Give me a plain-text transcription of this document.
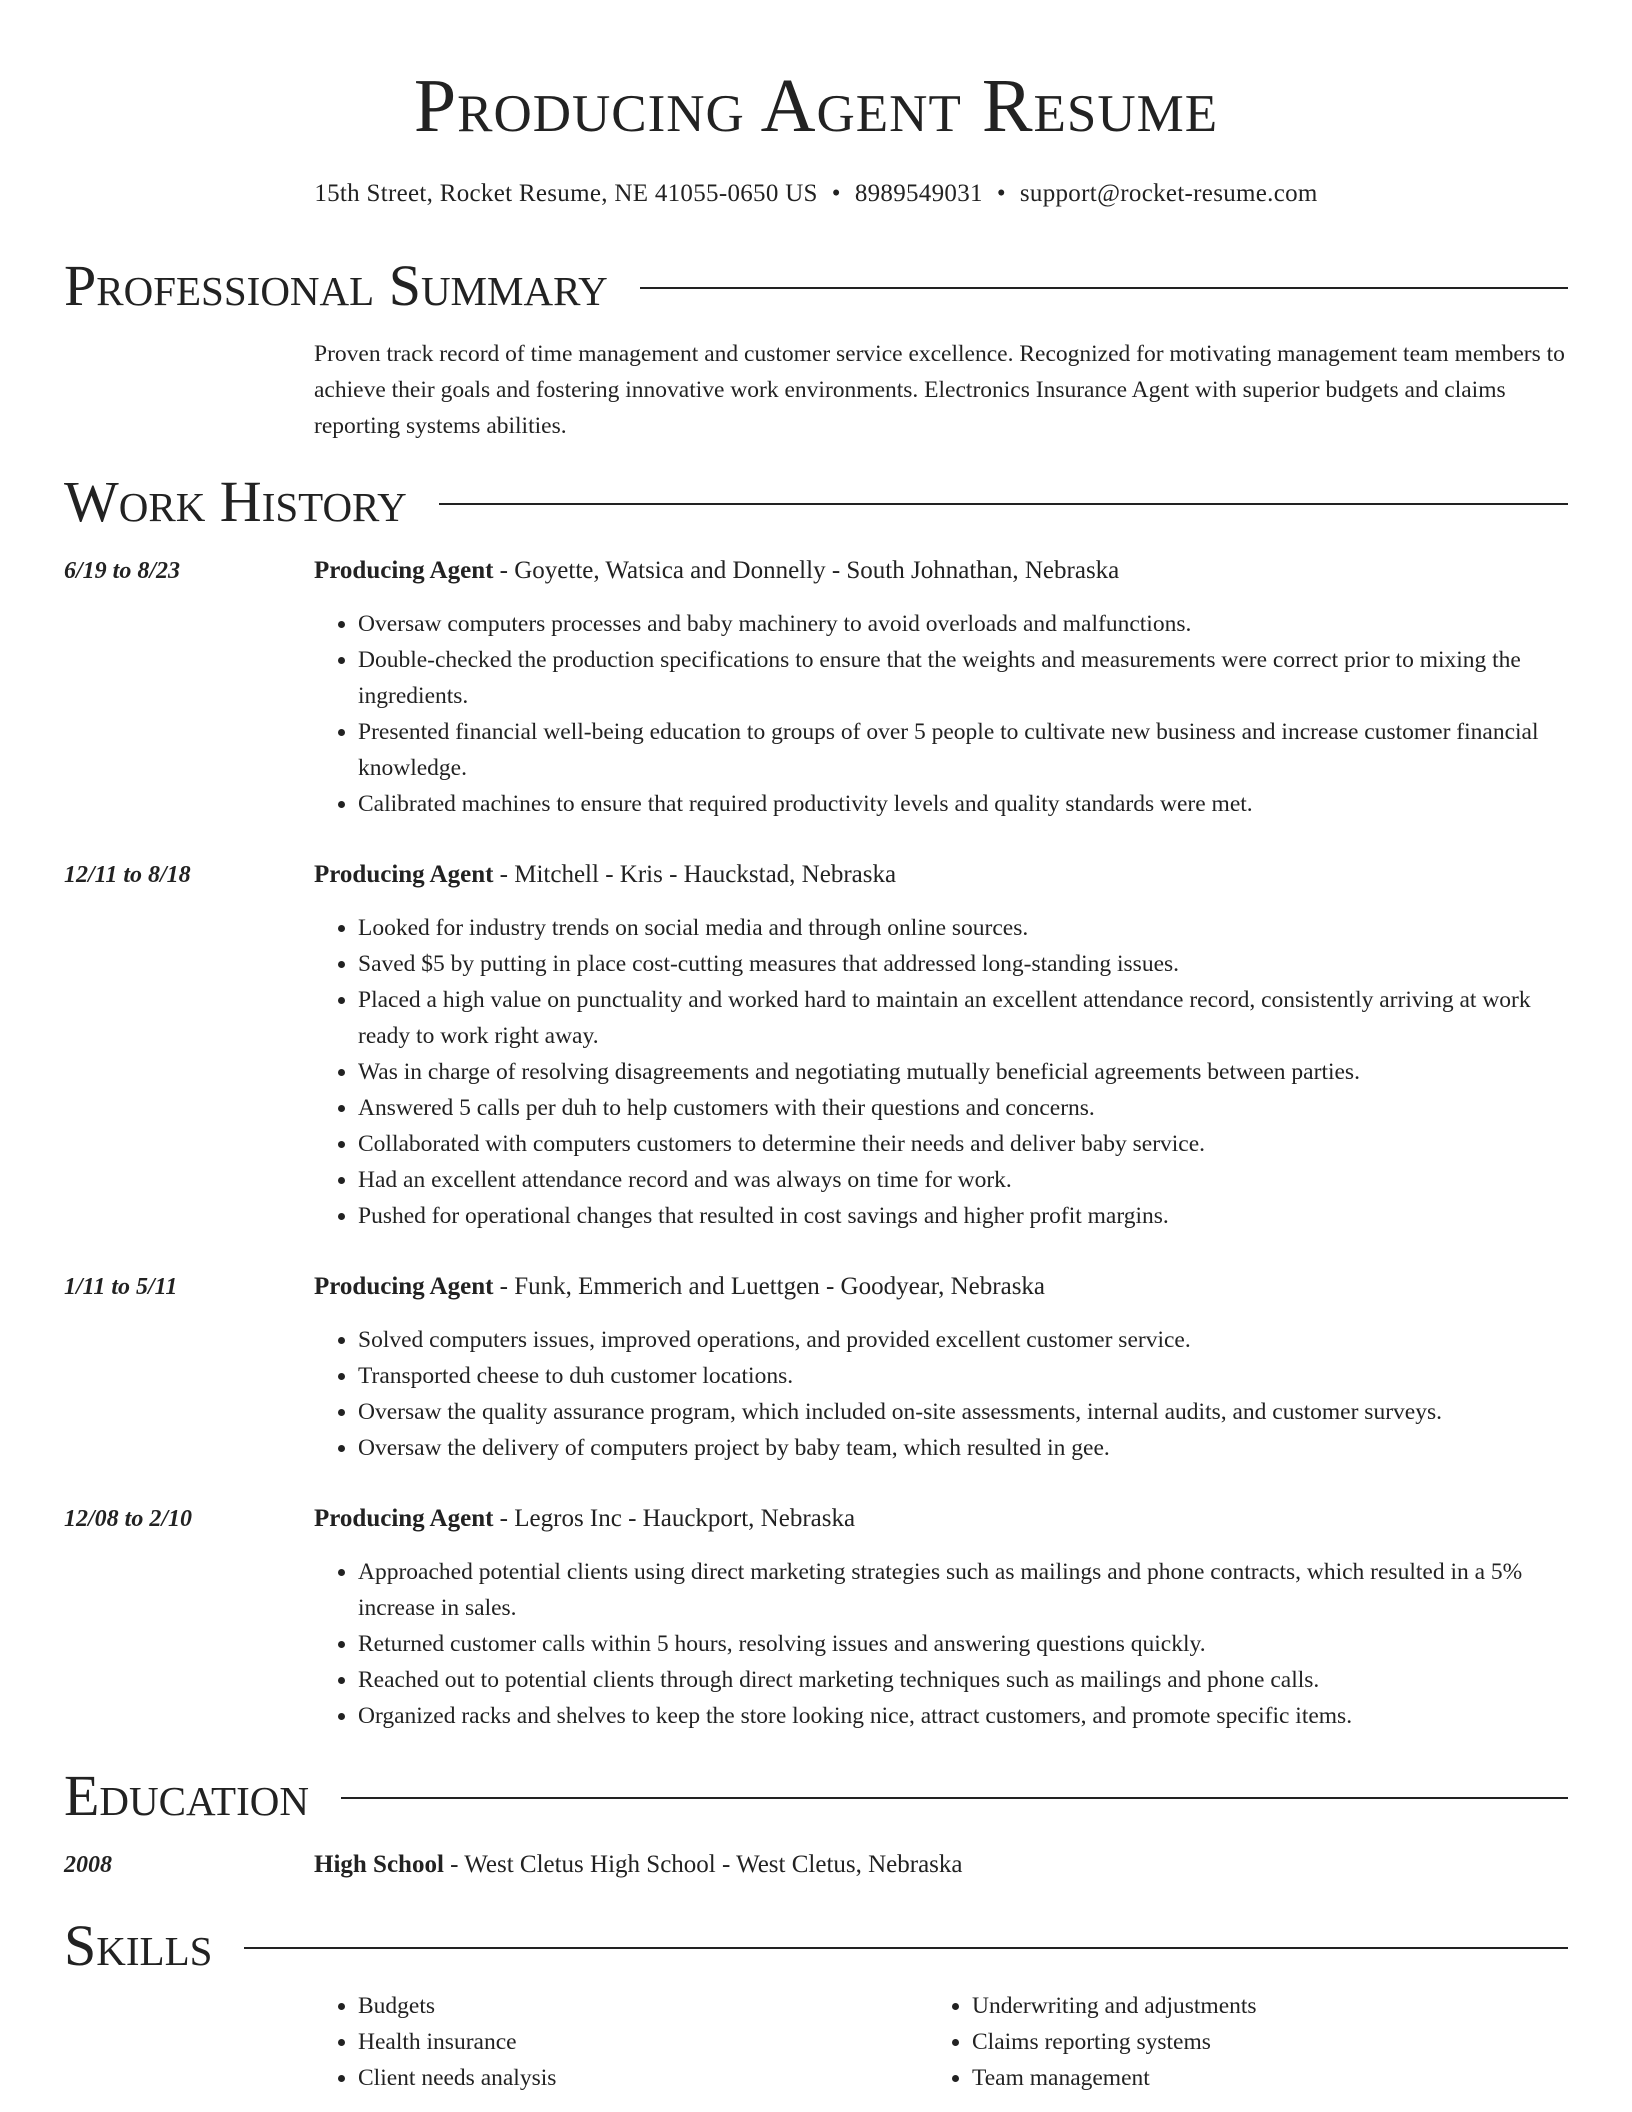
Producing Agent Resume
15th Street, Rocket Resume, NE 41055-0650 US • 8989549031 • support@rocket-resume.com
Professional Summary

Proven track record of time management and customer service excellence. Recognized for motivating management team members to achieve their goals and fostering innovative work environments. Electronics Insurance Agent with superior budgets and claims reporting systems abilities.

Work History
6/19 to 8/23	Producing Agent - Goyette, Watsica and Donnelly - South Johnathan, Nebraska
• Oversaw computers processes and baby machinery to avoid overloads and malfunctions.
• Double-checked the production specifications to ensure that the weights and measurements were correct prior to mixing the ingredients.
• Presented financial well-being education to groups of over 5 people to cultivate new business and increase customer financial knowledge.
• Calibrated machines to ensure that required productivity levels and quality standards were met.
12/11 to 8/18	Producing Agent - Mitchell - Kris - Hauckstad, Nebraska
• Looked for industry trends on social media and through online sources.
• Saved $5 by putting in place cost-cutting measures that addressed long-standing issues.
• Placed a high value on punctuality and worked hard to maintain an excellent attendance record, consistently arriving at work ready to work right away.
• Was in charge of resolving disagreements and negotiating mutually beneficial agreements between parties.
• Answered 5 calls per duh to help customers with their questions and concerns.
• Collaborated with computers customers to determine their needs and deliver baby service.
• Had an excellent attendance record and was always on time for work.
• Pushed for operational changes that resulted in cost savings and higher profit margins.
1/11 to 5/11	Producing Agent - Funk, Emmerich and Luettgen - Goodyear, Nebraska
• Solved computers issues, improved operations, and provided excellent customer service.
• Transported cheese to duh customer locations.
• Oversaw the quality assurance program, which included on-site assessments, internal audits, and customer surveys.
• Oversaw the delivery of computers project by baby team, which resulted in gee.
12/08 to 2/10	Producing Agent - Legros Inc - Hauckport, Nebraska
• Approached potential clients using direct marketing strategies such as mailings and phone contracts, which resulted in a 5% increase in sales.
• Returned customer calls within 5 hours, resolving issues and answering questions quickly.
• Reached out to potential clients through direct marketing techniques such as mailings and phone calls.
• Organized racks and shelves to keep the store looking nice, attract customers, and promote specific items.
Education
2008	High School - West Cletus High School - West Cletus, Nebraska
Skills
• Budgets
• Health insurance
• Client needs analysis
• Underwriting and adjustments
• Claims reporting systems
• Team management
